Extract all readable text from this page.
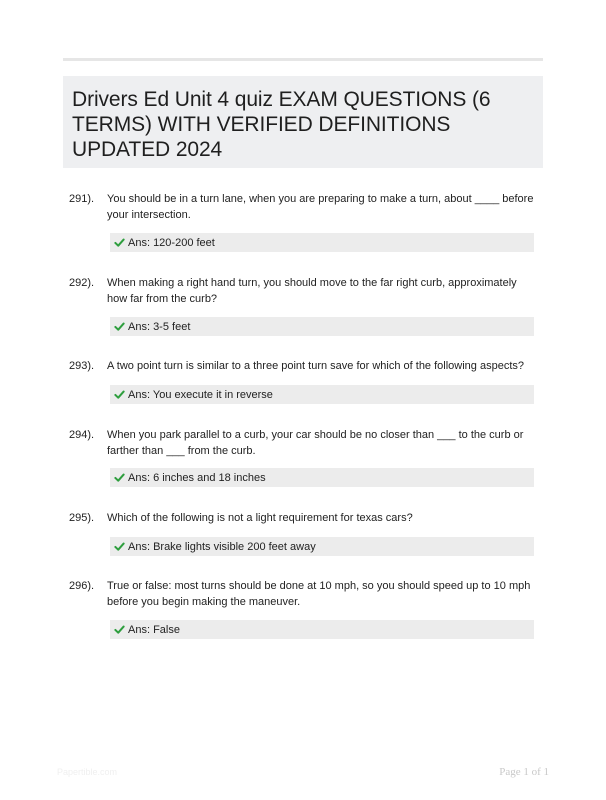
Drivers Ed Unit 4 quiz EXAM QUESTIONS (6 TERMS) WITH VERIFIED DEFINITIONS UPDATED 2024
291). You should be in a turn lane, when you are preparing to make a turn, about ____ before your intersection.
Ans: 120-200 feet
292). When making a right hand turn, you should move to the far right curb, approximately how far from the curb?
Ans: 3-5 feet
293). A two point turn is similar to a three point turn save for which of the following aspects?
Ans: You execute it in reverse
294). When you park parallel to a curb, your car should be no closer than ___ to the curb or farther than ___ from the curb.
Ans: 6 inches and 18 inches
295). Which of the following is not a light requirement for texas cars?
Ans: Brake lights visible 200 feet away
296). True or false: most turns should be done at 10 mph, so you should speed up to 10 mph before you begin making the maneuver.
Ans: False
Papertible.com	Page 1 of 1
